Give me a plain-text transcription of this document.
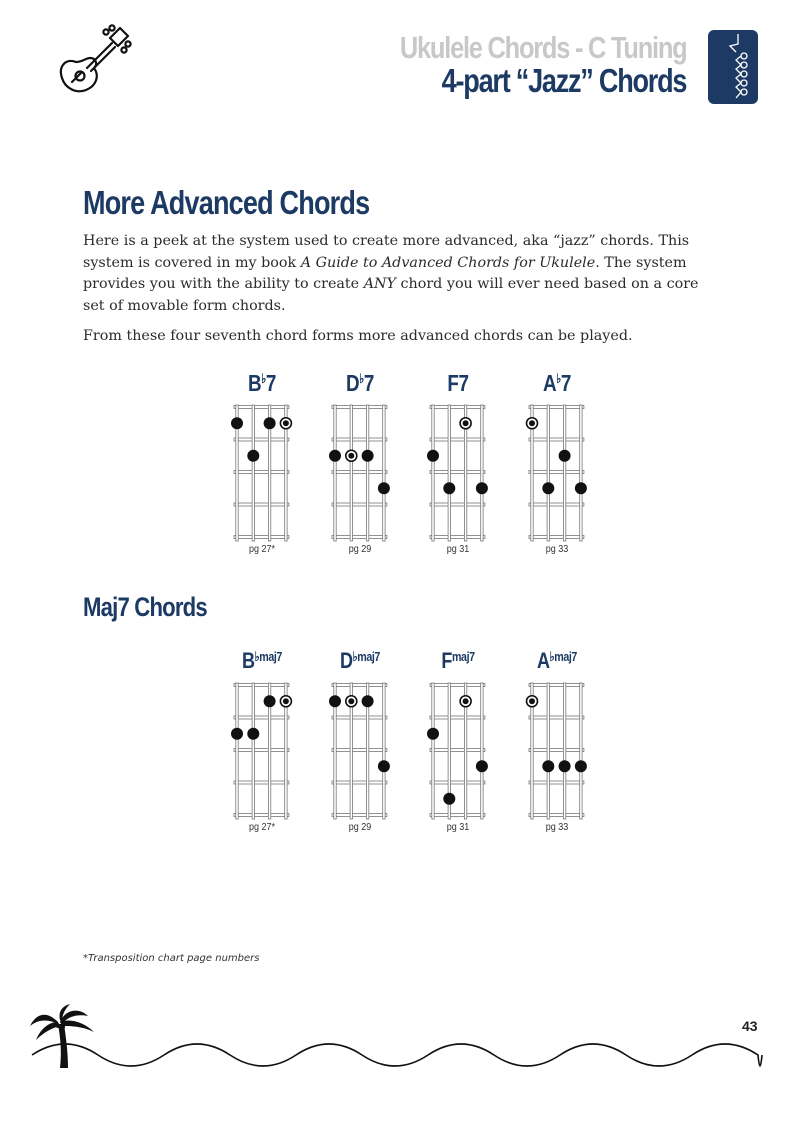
Ukulele Chords - C Tuning
4-part “Jazz” Chords
More Advanced Chords

Here is a peek at the system used to create more advanced, aka “jazz” chords. This system is covered in my book A Guide to Advanced Chords for Ukulele. The system provides you with the ability to create ANY chord you will ever need based on a core set of movable form chords.

From these four seventh chord forms more advanced chords can be played.

B♭7
pg 27*
D♭7
pg 29
F7
pg 31
A♭7
pg 33
Maj7 Chords
$B^{♭maj7}$
pg 27*
$D^{♭maj7}$
pg 29
$F^{maj7}$
pg 31
$A^{♭maj7}$
pg 33
*Transposition chart page numbers
43
